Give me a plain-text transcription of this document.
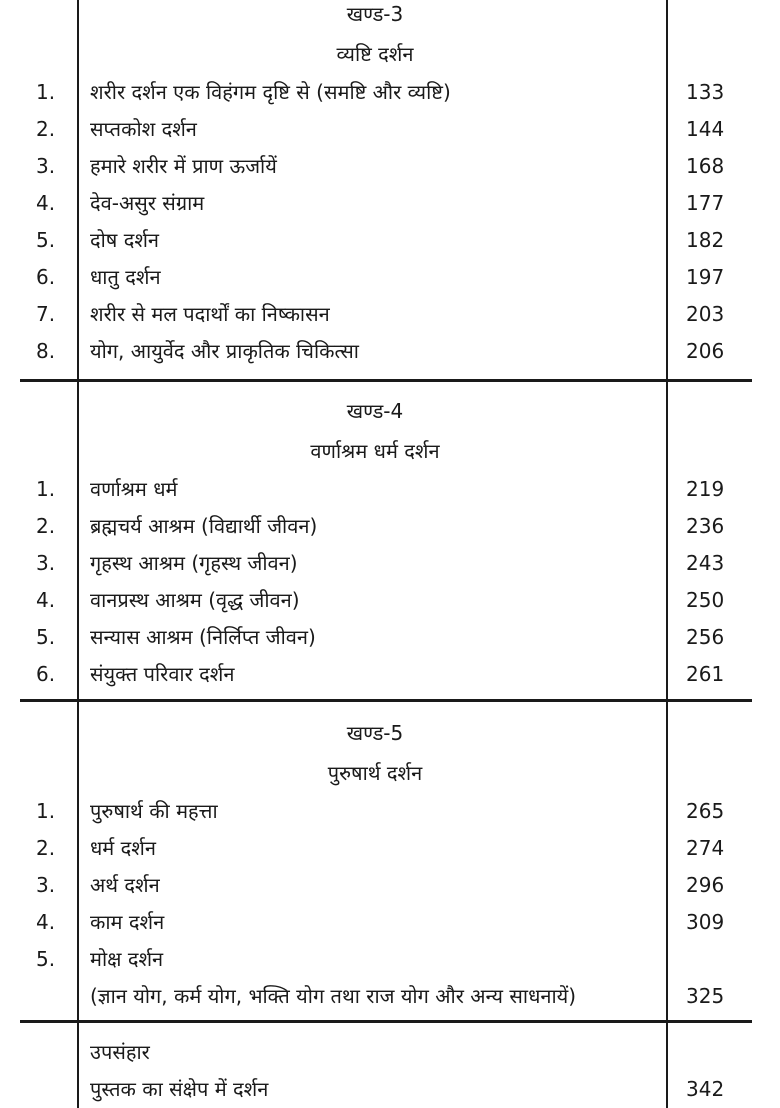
खण्ड-3
व्यष्टि दर्शन
1. शरीर दर्शन एक विहंगम दृष्टि से (समष्टि और व्यष्टि)	133
2. सप्तकोश दर्शन	144
3. हमारे शरीर में प्राण ऊर्जायें	168
4. देव-असुर संग्राम	177
5. दोष दर्शन	182
6. धातु दर्शन	197
7. शरीर से मल पदार्थों का निष्कासन	203
8. योग, आयुर्वेद और प्राकृतिक चिकित्सा	206
खण्ड-4
वर्णाश्रम धर्म दर्शन
1. वर्णाश्रम धर्म	219
2. ब्रह्मचर्य आश्रम (विद्यार्थी जीवन)	236
3. गृहस्थ आश्रम (गृहस्थ जीवन)	243
4. वानप्रस्थ आश्रम (वृद्ध जीवन)	250
5. सन्यास आश्रम (निर्लिप्त जीवन)	256
6. संयुक्त परिवार दर्शन	261
खण्ड-5
पुरुषार्थ दर्शन
1. पुरुषार्थ की महत्ता	265
2. धर्म दर्शन	274
3. अर्थ दर्शन	296
4. काम दर्शन	309
5. मोक्ष दर्शन
(ज्ञान योग, कर्म योग, भक्ति योग तथा राज योग और अन्य साधनायें)	325
उपसंहार
पुस्तक का संक्षेप में दर्शन	342
